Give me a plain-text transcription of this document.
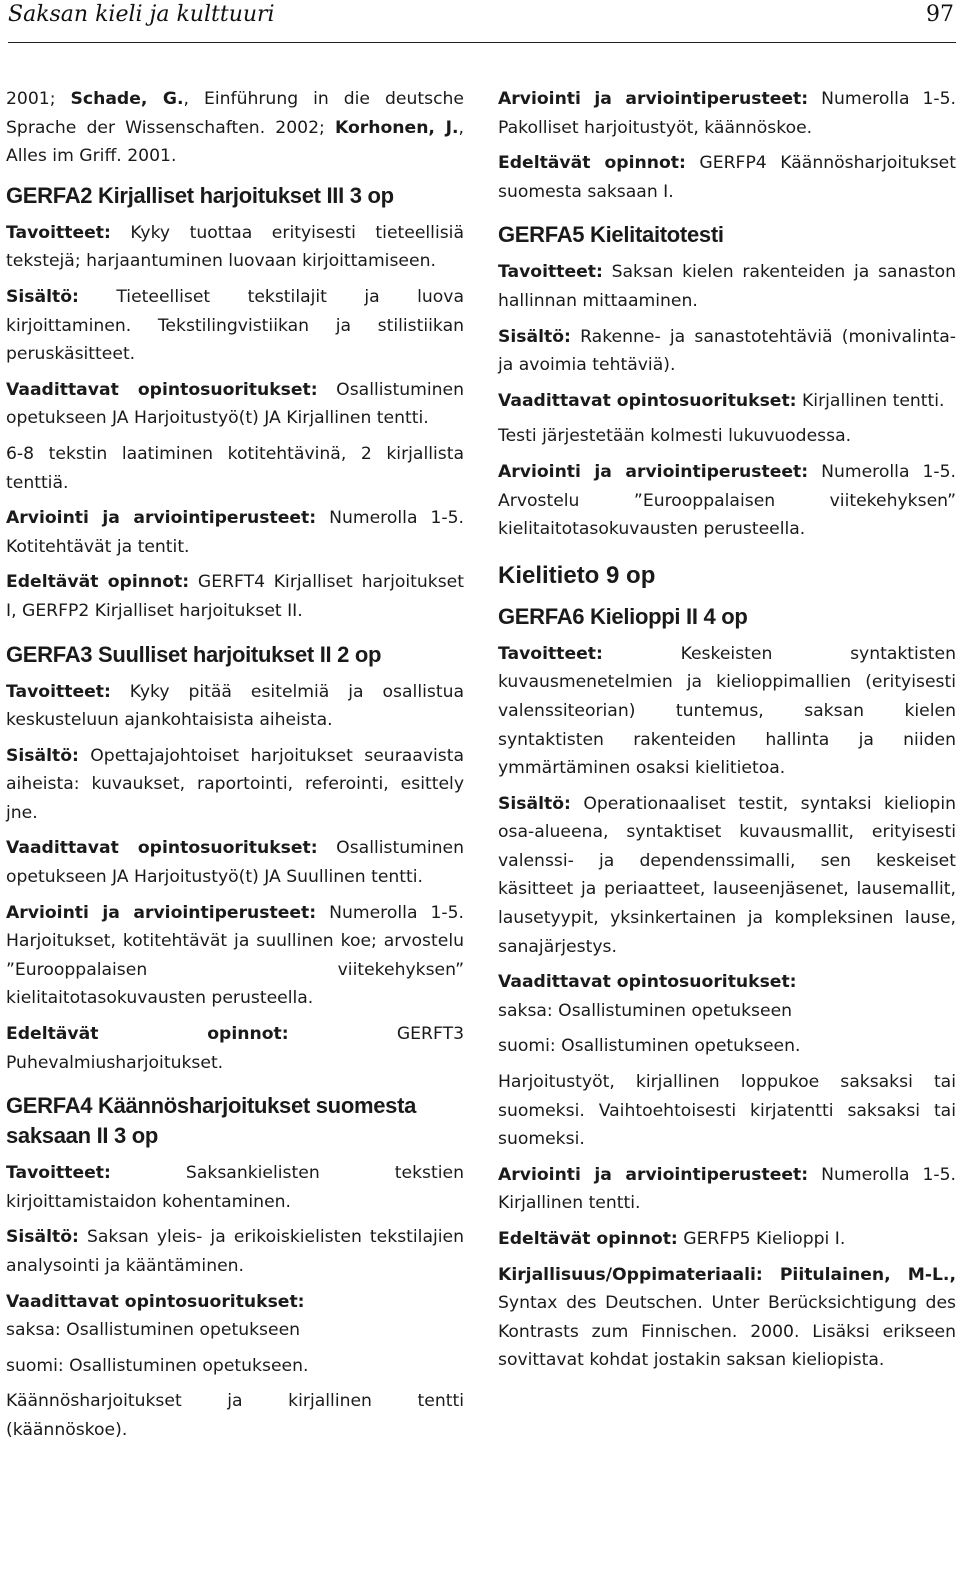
Saksan kieli ja kulttuuri	97

2001; Schade, G., Einführung in die deutsche Sprache der Wissenschaften. 2002; Korhonen, J., Alles im Griff. 2001.

GERFA2 Kirjalliset harjoitukset III 3 op

Tavoitteet: Kyky tuottaa erityisesti tieteellisiä tekstejä; harjaantuminen luovaan kirjoittamiseen.

Sisältö: Tieteelliset tekstilajit ja luova kirjoittaminen. Tekstilingvistiikan ja stilistiikan peruskäsitteet.

Vaadittavat opintosuoritukset: Osallistuminen opetukseen JA Harjoitustyö(t) JA Kirjallinen tentti.

6-8 tekstin laatiminen kotitehtävinä, 2 kirjallista tenttiä.

Arviointi ja arviointiperusteet: Numerolla 1-5. Kotitehtävät ja tentit.

Edeltävät opinnot: GERFT4 Kirjalliset harjoitukset I, GERFP2 Kirjalliset harjoitukset II.

GERFA3 Suulliset harjoitukset II 2 op

Tavoitteet: Kyky pitää esitelmiä ja osallistua keskusteluun ajankohtaisista aiheista.

Sisältö: Opettajajohtoiset harjoitukset seuraavista aiheista: kuvaukset, raportointi, referointi, esittely jne.

Vaadittavat opintosuoritukset: Osallistuminen opetukseen JA Harjoitustyö(t) JA Suullinen tentti.

Arviointi ja arviointiperusteet: Numerolla 1-5. Harjoitukset, kotitehtävät ja suullinen koe; arvostelu ”Eurooppalaisen viitekehyksen” kielitaitotasokuvausten perusteella.

Edeltävät opinnot: GERFT3 Puhevalmiusharjoitukset.

GERFA4 Käännösharjoitukset suomesta saksaan II 3 op

Tavoitteet: Saksankielisten tekstien kirjoittamistaidon kohentaminen.

Sisältö: Saksan yleis- ja erikoiskielisten tekstilajien analysointi ja kääntäminen.

Vaadittavat opintosuoritukset:

saksa: Osallistuminen opetukseen

suomi: Osallistuminen opetukseen.

Käännösharjoitukset ja kirjallinen tentti (käännöskoe).

Arviointi ja arviointiperusteet: Numerolla 1-5. Pakolliset harjoitustyöt, käännöskoe.

Edeltävät opinnot: GERFP4 Käännösharjoitukset suomesta saksaan I.

GERFA5 Kielitaitotesti

Tavoitteet: Saksan kielen rakenteiden ja sanaston hallinnan mittaaminen.

Sisältö: Rakenne- ja sanastotehtäviä (monivalinta- ja avoimia tehtäviä).

Vaadittavat opintosuoritukset: Kirjallinen tentti.

Testi järjestetään kolmesti lukuvuodessa.

Arviointi ja arviointiperusteet: Numerolla 1-5. Arvostelu ”Eurooppalaisen viitekehyksen” kielitaitotasokuvausten perusteella.

Kielitieto 9 op
GERFA6 Kielioppi II 4 op

Tavoitteet: Keskeisten syntaktisten kuvausmenetelmien ja kielioppimallien (erityisesti valenssiteorian) tuntemus, saksan kielen syntaktisten rakenteiden hallinta ja niiden ymmärtäminen osaksi kielitietoa.

Sisältö: Operationaaliset testit, syntaksi kieliopin osa-alueena, syntaktiset kuvausmallit, erityisesti valenssi- ja dependenssimalli, sen keskeiset käsitteet ja periaatteet, lauseenjäsenet, lausemallit, lausetyypit, yksinkertainen ja kompleksinen lause, sanajärjestys.

Vaadittavat opintosuoritukset:

saksa: Osallistuminen opetukseen

suomi: Osallistuminen opetukseen.

Harjoitustyöt, kirjallinen loppukoe saksaksi tai suomeksi. Vaihtoehtoisesti kirjatentti saksaksi tai suomeksi.

Arviointi ja arviointiperusteet: Numerolla 1-5. Kirjallinen tentti.

Edeltävät opinnot: GERFP5 Kielioppi I.

Kirjallisuus/Oppimateriaali: Piitulainen, M-L., Syntax des Deutschen. Unter Berücksichtigung des Kontrasts zum Finnischen. 2000. Lisäksi erikseen sovittavat kohdat jostakin saksan kieliopista.
